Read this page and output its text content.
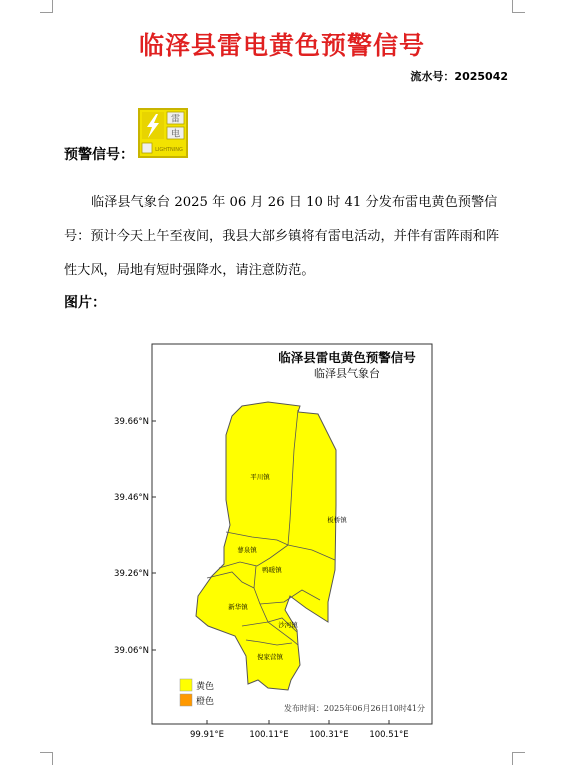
临泽县雷电黄色预警信号
流水号：2025042
预警信号：
雷
电
LIGHTNING
临泽县气象台 2025 年 06 月 26 日 10 时 41 分发布雷电黄色预警信号：预计今天上午至夜间，我县大部乡镇将有雷电活动，并伴有雷阵雨和阵性大风，局地有短时强降水，请注意防范。
图片：
临泽县雷电黄色预警信号
临泽县气象台
39.66°N
39.46°N
39.26°N
39.06°N
99.91°E	100.11°E 100.31°E 100.51°E
平川镇
板桥镇
蓼泉镇
鸭暖镇
新华镇
沙河镇
倪家营镇
黄色
橙色
发布时间：2025年06月26日10时41分
